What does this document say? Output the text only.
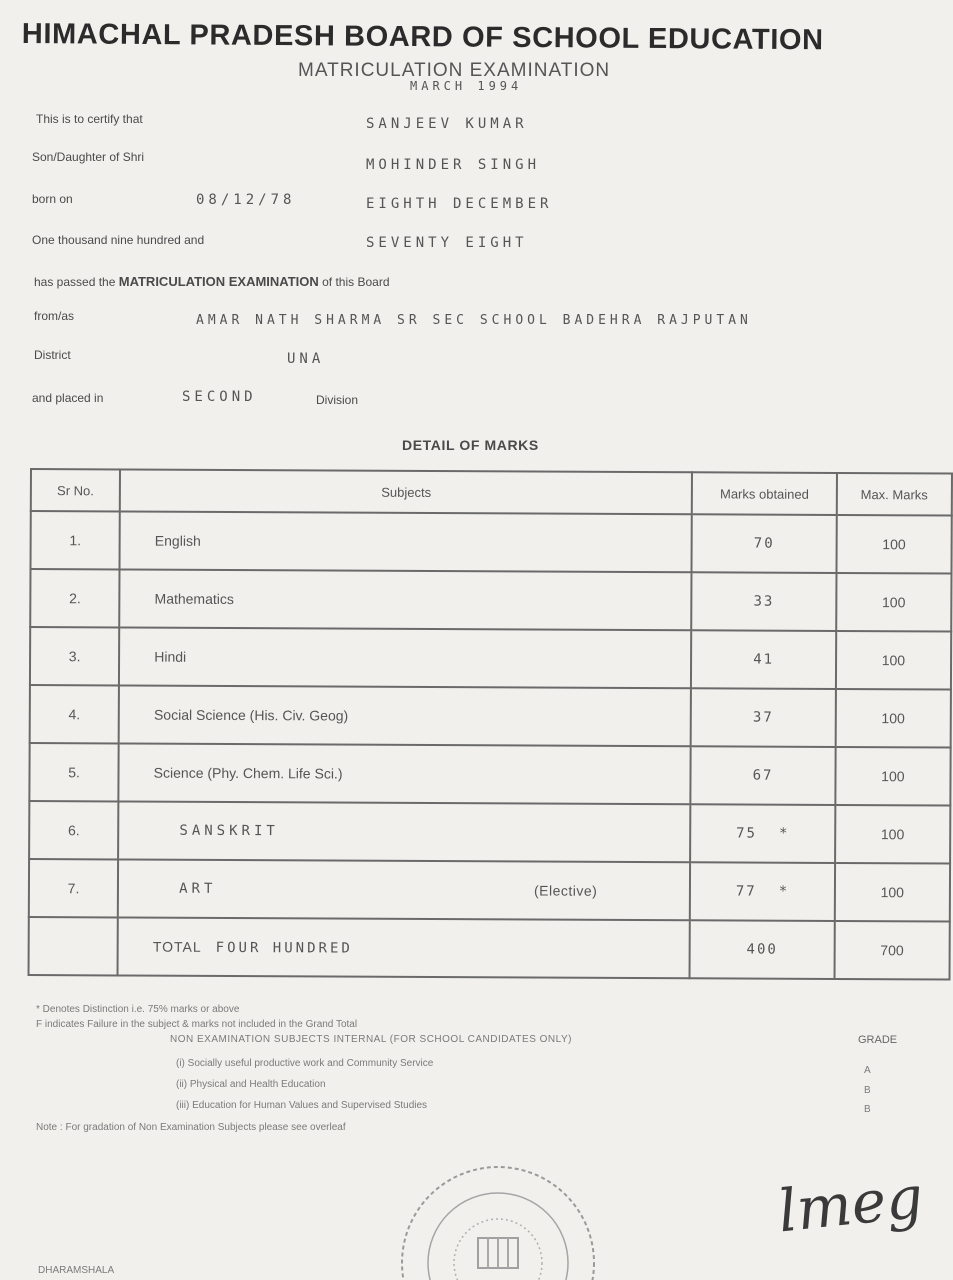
HIMACHAL PRADESH BOARD OF SCHOOL EDUCATION
MATRICULATION EXAMINATION
MARCH 1994
This is to certify that	SANJEEV KUMAR
Son/Daughter of Shri	MOHINDER SINGH
born on	08/12/78	EIGHTH DECEMBER
One thousand nine hundred and	SEVENTY EIGHT
has passed the MATRICULATION EXAMINATION of this Board
from/as	AMAR NATH SHARMA SR SEC SCHOOL BADEHRA RAJPUTAN
District	UNA
and placed in	SECOND	Division
DETAIL OF MARKS
Sr No.	Subjects	Marks obtained	Max. Marks
1.	English	70	100
2.	Mathematics	33	100
3.	Hindi	41	100
4.	Social Science (His. Civ. Geog)	37	100
5.	Science (Phy. Chem. Life Sci.)	67	100
6.	SANSKRIT	75 *	100
7.	ART (Elective)	77 *	100
	TOTAL FOUR HUNDRED	400	700
* Denotes Distinction i.e. 75% marks or above
F indicates Failure in the subject & marks not included in the Grand Total
NON EXAMINATION SUBJECTS INTERNAL (FOR SCHOOL CANDIDATES ONLY)	GRADE
(i) Socially useful productive work and Community Service
A
(ii) Physical and Health Education
B
(iii) Education for Human Values and Supervised Studies	B
Note : For gradation of Non Examination Subjects please see overleaf
lmeg
DHARAMSHALA
